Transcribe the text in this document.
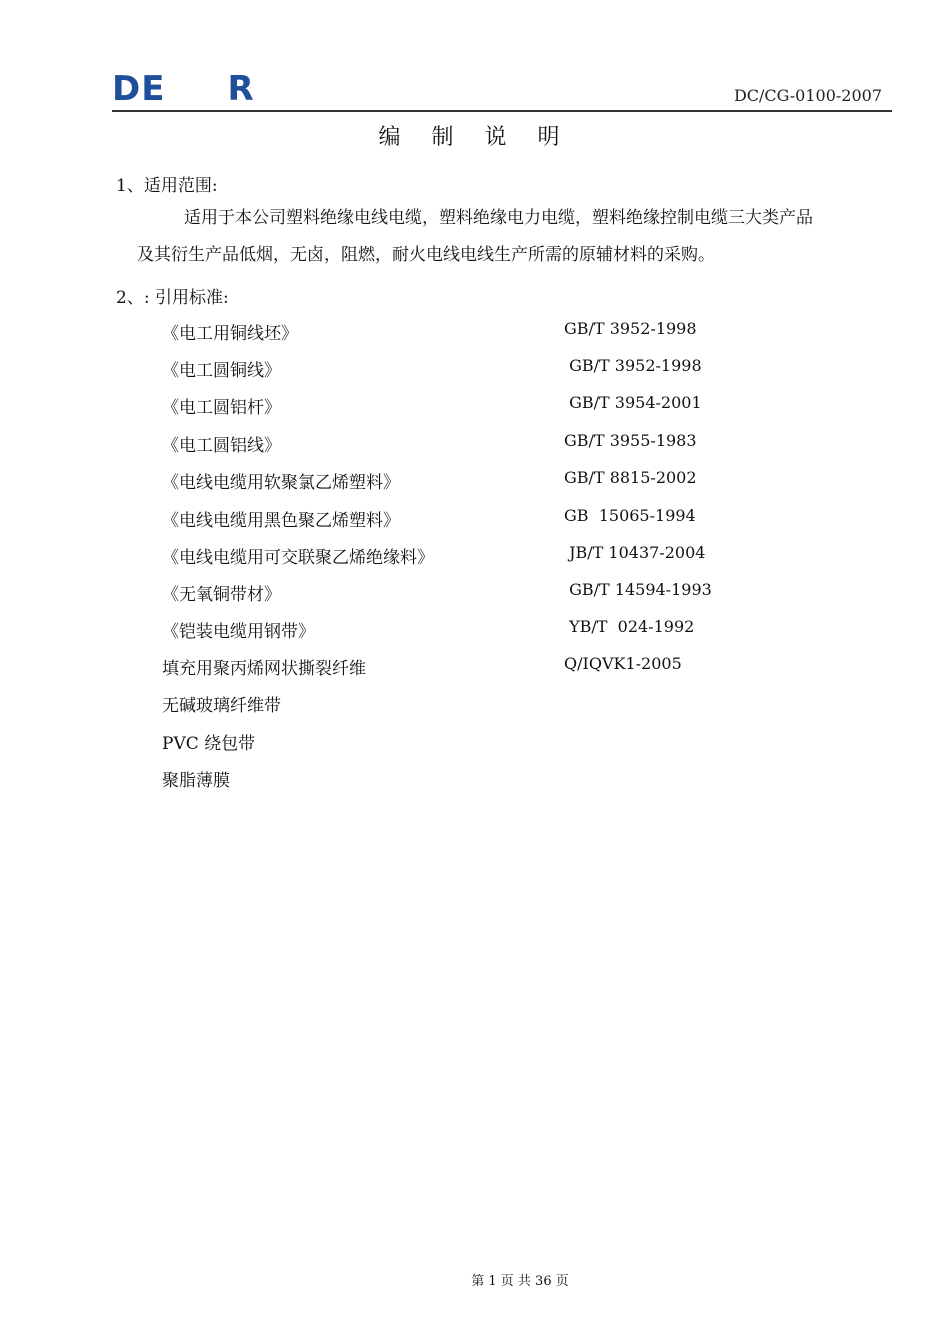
DE R	DC/CG-0100-2007
编 制 说 明
1、适用范围:
适用于本公司塑料绝缘电线电缆，塑料绝缘电力电缆，塑料绝缘控制电缆三大类产品
及其衍生产品低烟，无卤，阻燃，耐火电线电线生产所需的原辅材料的采购。
2、: 引用标准:
《电工用铜线坯》	GB/T 3952-1998
《电工圆铜线》	GB/T 3952-1998
《电工圆铝杆》	GB/T 3954-2001
《电工圆铝线》	GB/T 3955-1983
《电线电缆用软聚氯乙烯塑料》	GB/T 8815-2002
《电线电缆用黑色聚乙烯塑料》	GB  15065-1994
《电线电缆用可交联聚乙烯绝缘料》	JB/T 10437-2004
《无氧铜带材》	GB/T 14594-1993
《铠装电缆用钢带》	YB/T  024-1992
填充用聚丙烯网状撕裂纤维	Q/IQVK1-2005
无碱玻璃纤维带
PVC 绕包带
聚脂薄膜
第 1 页 共 36 页
